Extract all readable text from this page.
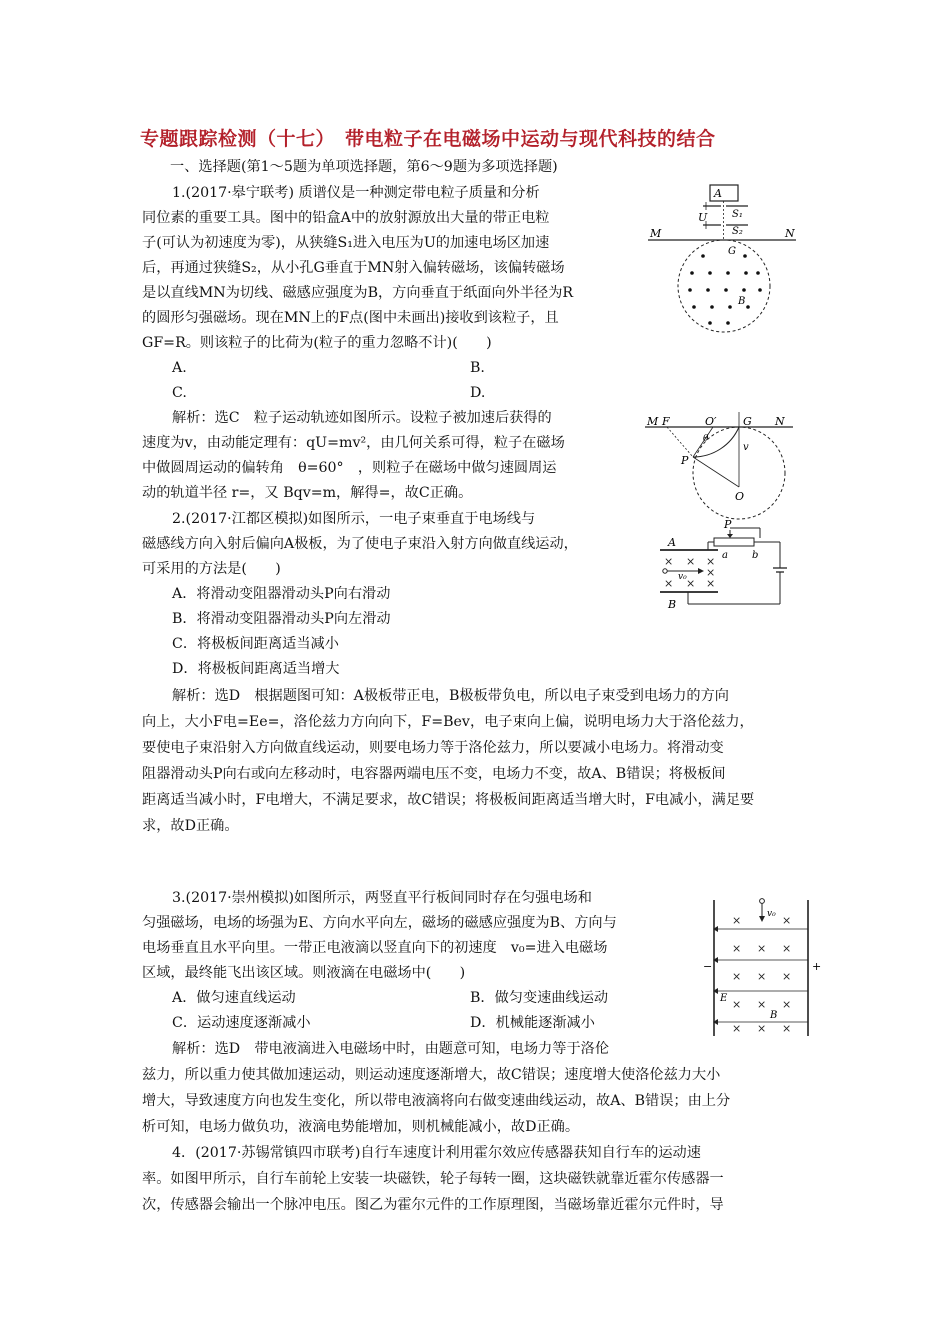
专题跟踪检测（十七）　带电粒子在电磁场中运动与现代科技的结合
一、选择题(第1～5题为单项选择题，第6～9题为多项选择题)
1.(2017·皋宁联考) 质谱仪是一种测定带电粒子质量和分析
同位素的重要工具。图中的铅盒A中的放射源放出大量的带正电粒
子(可认为初速度为零)，从狭缝S₁进入电压为U的加速电场区加速
后，再通过狭缝S₂，从小孔G垂直于MN射入偏转磁场，该偏转磁场
是以直线MN为切线、磁感应强度为B，方向垂直于纸面向外半径为R
的圆形匀强磁场。现在MN上的F点(图中未画出)接收到该粒子，且
GF=R。则该粒子的比荷为(粒子的重力忽略不计)(　　)
A.	B.
C.	D.
解析：选C　粒子运动轨迹如图所示。设粒子被加速后获得的
速度为v，由动能定理有：qU=mv²，由几何关系可得，粒子在磁场
中做圆周运动的偏转角　θ=60°　，则粒子在磁场中做匀速圆周运
动的轨道半径 r=，又 Bqv=m，解得=，故C正确。
A
U S₁
S₂
M	N
G
B
M F	O′ G N
θ
v
P
O
2.(2017·江都区模拟)如图所示，一电子束垂直于电场线与
磁感线方向入射后偏向A极板，为了使电子束沿入射方向做直线运动，
可采用的方法是(　　)
A．将滑动变阻器滑动头P向右滑动
B．将滑动变阻器滑动头P向左滑动
C．将极板间距离适当减小
D．将极板间距离适当增大
解析：选D　根据题图可知：A极板带正电，B极板带负电，所以电子束受到电场力的方向
向上，大小F电=Ee=，洛伦兹力方向向下，F=Bev，电子束向上偏，说明电场力大于洛伦兹力，
要使电子束沿射入方向做直线运动，则要电场力等于洛伦兹力，所以要减小电场力。将滑动变
阻器滑动头P向右或向左移动时，电容器两端电压不变，电场力不变，故A、B错误；将极板间
距离适当减小时，F电增大，不满足要求，故C错误；将极板间距离适当增大时，F电减小，满足要
求，故D正确。
P
a b
A
B
v₀
× × ×
×
× × ×
3.(2017·崇州模拟)如图所示，两竖直平行板间同时存在匀强电场和
匀强磁场，电场的场强为E、方向水平向左，磁场的磁感应强度为B、方向与
电场垂直且水平向里。一带正电液滴以竖直向下的初速度　v₀=进入电磁场
区域，最终能飞出该区域。则液滴在电磁场中(　　)
A．做匀速直线运动	B．做匀变速曲线运动
C．运动速度逐渐减小	D．机械能逐渐减小
解析：选D　带电液滴进入电磁场中时，由题意可知，电场力等于洛伦
兹力，所以重力使其做加速运动，则运动速度逐渐增大，故C错误；速度增大使洛伦兹力大小
增大，导致速度方向也发生变化，所以带电液滴将向右做变速曲线运动，故A、B错误；由上分
析可知，电场力做负功，液滴电势能增加，则机械能减小，故D正确。
−	+
v₀
E
B
×	×
× × ×
× × ×
× × ×
× × ×
4．(2017·苏锡常镇四市联考)自行车速度计利用霍尔效应传感器获知自行车的运动速
率。如图甲所示，自行车前轮上安装一块磁铁，轮子每转一圈，这块磁铁就靠近霍尔传感器一
次，传感器会输出一个脉冲电压。图乙为霍尔元件的工作原理图，当磁场靠近霍尔元件时，导
